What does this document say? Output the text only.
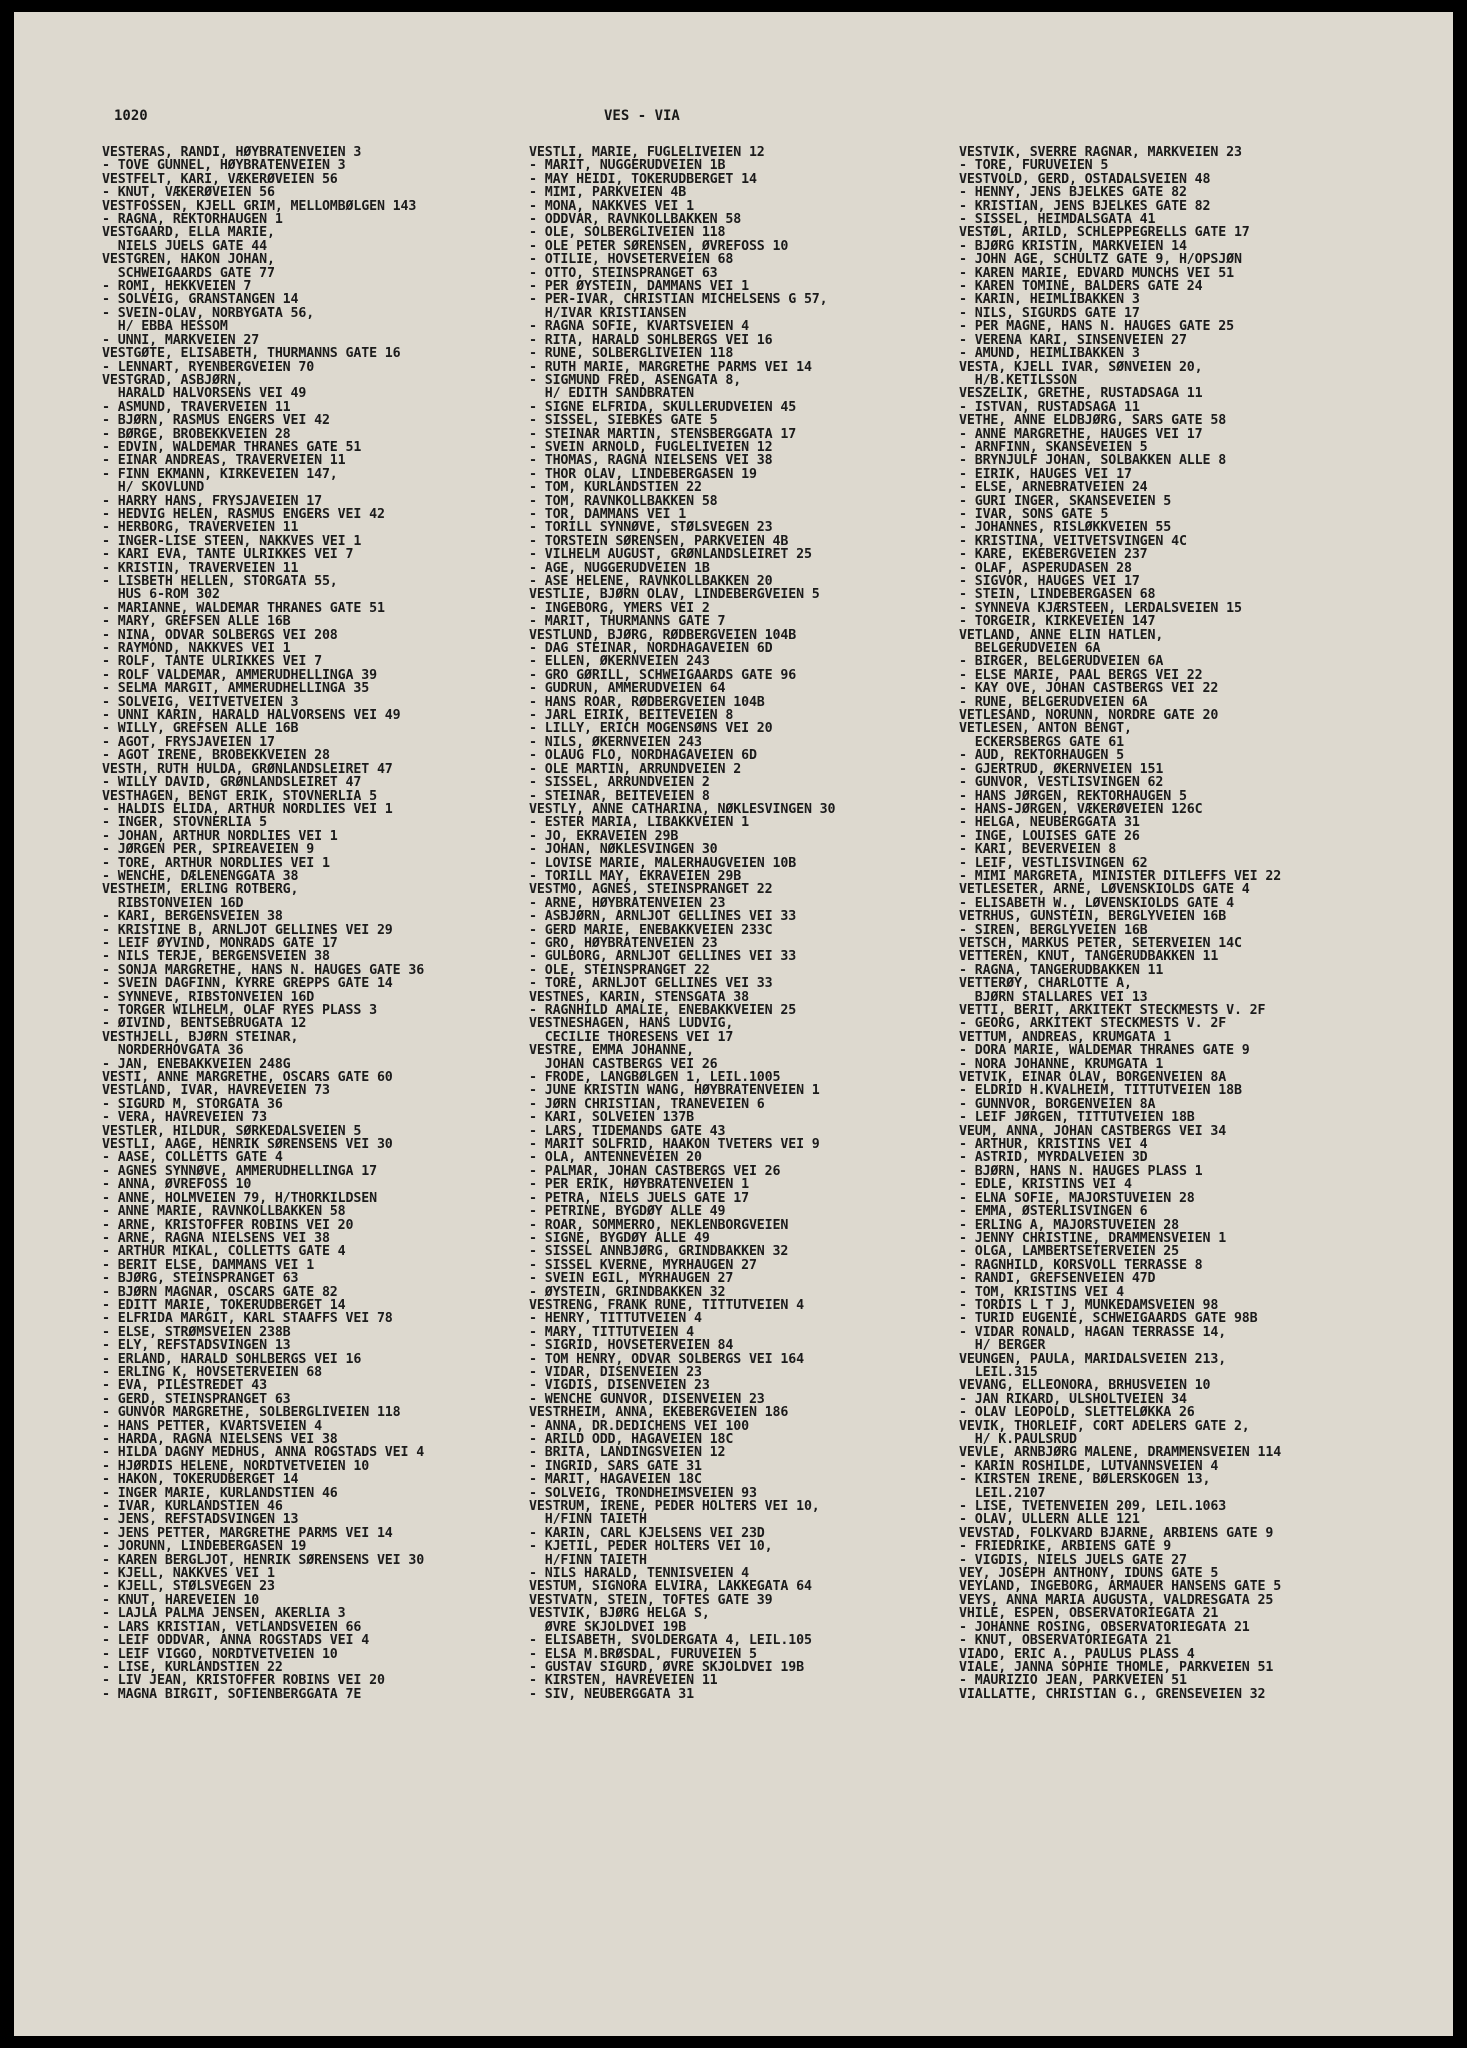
1020	VES - VIA
VESTERÅS, RANDI, HØYBRÅTENVEIEN 3
- TOVE GUNNEL, HØYBRÅTENVEIEN 3
VESTFELT, KARI, VÆKERØVEIEN 56
- KNUT, VÆKERØVEIEN 56
VESTFOSSEN, KJELL GRIM, MELLOMBØLGEN 143
- RAGNA, REKTORHAUGEN 1
VESTGAARD, ELLA MARIE,
NIELS JUELS GATE 44
VESTGREN, HÅKON JOHAN,
SCHWEIGAARDS GATE 77
- ROMI, HEKKVEIEN 7
- SOLVEIG, GRANSTANGEN 14
- SVEIN-OLAV, NORBYGATA 56,
H/ EBBA HESSOM
- UNNI, MARKVEIEN 27
VESTGØTE, ELISABETH, THURMANNS GATE 16
- LENNART, RYENBERGVEIEN 70
VESTGRÅD, ASBJØRN,
HARALD HALVORSENS VEI 49
- ASMUND, TRAVERVEIEN 11
- BJØRN, RASMUS ENGERS VEI 42
- BØRGE, BROBEKKVEIEN 28
- EDVIN, WALDEMAR THRANES GATE 51
- EINAR ANDREAS, TRAVERVEIEN 11
- FINN EKMANN, KIRKEVEIEN 147,
H/ SKOVLUND
- HARRY HANS, FRYSJAVEIEN 17
- HEDVIG HELEN, RASMUS ENGERS VEI 42
- HERBORG, TRAVERVEIEN 11
- INGER-LISE STEEN, NÅKKVES VEI 1
- KARI EVA, TANTE ULRIKKES VEI 7
- KRISTIN, TRAVERVEIEN 11
- LISBETH HELLEN, STORGATA 55,
HUS 6-ROM 302
- MARIANNE, WALDEMAR THRANES GATE 51
- MARY, GREFSEN ALLE 16B
- NINA, ODVAR SOLBERGS VEI 208
- RAYMOND, NÅKKVES VEI 1
- ROLF, TANTE ULRIKKES VEI 7
- ROLF VALDEMAR, AMMERUDHELLINGA 39
- SELMA MARGIT, AMMERUDHELLINGA 35
- SOLVEIG, VEITVETVEIEN 3
- UNNI KARIN, HARALD HALVORSENS VEI 49
- WILLY, GREFSEN ALLE 16B
- ÅGOT, FRYSJAVEIEN 17
- ÅGOT IRENE, BROBEKKVEIEN 28
VESTH, RUTH HULDA, GRØNLANDSLEIRET 47
- WILLY DAVID, GRØNLANDSLEIRET 47
VESTHAGEN, BENGT ERIK, STOVNERLIA 5
- HALDIS ELIDA, ARTHUR NORDLIES VEI 1
- INGER, STOVNERLIA 5
- JOHAN, ARTHUR NORDLIES VEI 1
- JØRGEN PER, SPIREAVEIEN 9
- TORE, ARTHUR NORDLIES VEI 1
- WENCHE, DÆLENENGGATA 38
VESTHEIM, ERLING ROTBERG,
RIBSTONVEIEN 16D
- KARI, BERGENSVEIEN 38
- KRISTINE B, ARNLJOT GELLINES VEI 29
- LEIF ØYVIND, MONRADS GATE 17
- NILS TERJE, BERGENSVEIEN 38
- SONJA MARGRETHE, HANS N. HAUGES GATE 36
- SVEIN DAGFINN, KYRRE GREPPS GATE 14
- SYNNEVE, RIBSTONVEIEN 16D
- TORGER WILHELM, OLAF RYES PLASS 3
- ØIVIND, BENTSEBRUGATA 12
VESTHJELL, BJØRN STEINAR,
NORDERHOVGATA 36
- JAN, ENEBAKKVEIEN 248G
VESTI, ANNE MARGRETHE, OSCARS GATE 60
VESTLAND, IVAR, HAVREVEIEN 73
- SIGURD M, STORGATA 36
- VERA, HAVREVEIEN 73
VESTLER, HILDUR, SØRKEDALSVEIEN 5
VESTLI, AAGE, HENRIK SØRENSENS VEI 30
- AASE, COLLETTS GATE 4
- AGNES SYNNØVE, AMMERUDHELLINGA 17
- ANNA, ØVREFOSS 10
- ANNE, HOLMVEIEN 79, H/THORKILDSEN
- ANNE MARIE, RAVNKOLLBAKKEN 58
- ARNE, KRISTOFFER ROBINS VEI 20
- ARNE, RAGNA NIELSENS VEI 38
- ARTHUR MIKAL, COLLETTS GATE 4
- BERIT ELSE, DAMMANS VEI 1
- BJØRG, STEINSPRANGET 63
- BJØRN MAGNAR, OSCARS GATE 82
- EDITT MARIE, TOKERUDBERGET 14
- ELFRIDA MARGIT, KARL STAAFFS VEI 78
- ELSE, STRØMSVEIEN 238B
- ELY, REFSTADSVINGEN 13
- ERLAND, HARALD SOHLBERGS VEI 16
- ERLING K, HOVSETERVEIEN 68
- EVA, PILESTREDET 43
- GERD, STEINSPRANGET 63
- GUNVOR MARGRETHE, SOLBERGLIVEIEN 118
- HANS PETTER, KVARTSVEIEN 4
- HARDA, RAGNA NIELSENS VEI 38
- HILDA DAGNY MEDHUS, ANNA ROGSTADS VEI 4
- HJØRDIS HELENE, NORDTVETVEIEN 10
- HÅKON, TOKERUDBERGET 14
- INGER MARIE, KURLANDSTIEN 46
- IVAR, KURLANDSTIEN 46
- JENS, REFSTADSVINGEN 13
- JENS PETTER, MARGRETHE PARMS VEI 14
- JORUNN, LINDEBERGÅSEN 19
- KAREN BERGLJOT, HENRIK SØRENSENS VEI 30
- KJELL, NÅKKVES VEI 1
- KJELL, STØLSVEGEN 23
- KNUT, HAREVEIEN 10
- LAJLA PALMA JENSEN, AKERLIA 3
- LARS KRISTIAN, VETLANDSVEIEN 66
- LEIF ODDVAR, ANNA ROGSTADS VEI 4
- LEIF VIGGO, NORDTVETVEIEN 10
- LISE, KURLANDSTIEN 22
- LIV JEAN, KRISTOFFER ROBINS VEI 20
- MAGNA BIRGIT, SOFIENBERGGATA 7E
VESTLI, MARIE, FUGLELIVEIEN 12
- MARIT, NUGGERUDVEIEN 1B
- MAY HEIDI, TOKERUDBERGET 14
- MIMI, PARKVEIEN 4B
- MONA, NÅKKVES VEI 1
- ODDVAR, RAVNKOLLBAKKEN 58
- OLE, SOLBERGLIVEIEN 118
- OLE PETER SØRENSEN, ØVREFOSS 10
- OTILIE, HOVSETERVEIEN 68
- OTTO, STEINSPRANGET 63
- PER ØYSTEIN, DAMMANS VEI 1
- PER-IVAR, CHRISTIAN MICHELSENS G 57,
H/IVAR KRISTIANSEN
- RAGNA SOFIE, KVARTSVEIEN 4
- RITA, HARALD SOHLBERGS VEI 16
- RUNE, SOLBERGLIVEIEN 118
- RUTH MARIE, MARGRETHE PARMS VEI 14
- SIGMUND FRED, ÅSENGATA 8,
H/ EDITH SANDBRÅTEN
- SIGNE ELFRIDA, SKULLERUDVEIEN 45
- SISSEL, SIEBKES GATE 5
- STEINAR MARTIN, STENSBERGGATA 17
- SVEIN ARNOLD, FUGLELIVEIEN 12
- THOMAS, RAGNA NIELSENS VEI 38
- THOR OLAV, LINDEBERGÅSEN 19
- TOM, KURLANDSTIEN 22
- TOM, RAVNKOLLBAKKEN 58
- TOR, DAMMANS VEI 1
- TORILL SYNNØVE, STØLSVEGEN 23
- TORSTEIN SØRENSEN, PARKVEIEN 4B
- VILHELM AUGUST, GRØNLANDSLEIRET 25
- ÅGE, NUGGERUDVEIEN 1B
- ÅSE HELENE, RAVNKOLLBAKKEN 20
VESTLIE, BJØRN OLAV, LINDEBERGVEIEN 5
- INGEBORG, YMERS VEI 2
- MARIT, THURMANNS GATE 7
VESTLUND, BJØRG, RØDBERGVEIEN 104B
- DAG STEINAR, NORDHAGAVEIEN 6D
- ELLEN, ØKERNVEIEN 243
- GRO GØRILL, SCHWEIGAARDS GATE 96
- GUDRUN, AMMERUDVEIEN 64
- HANS ROAR, RØDBERGVEIEN 104B
- JARL EIRIK, BEITEVEIEN 8
- LILLY, ERICH MOGENSØNS VEI 20
- NILS, ØKERNVEIEN 243
- OLAUG FLO, NORDHAGAVEIEN 6D
- OLE MARTIN, ÅRRUNDVEIEN 2
- SISSEL, ÅRRUNDVEIEN 2
- STEINAR, BEITEVEIEN 8
VESTLY, ANNE CATHARINA, NØKLESVINGEN 30
- ESTER MARIA, LIBAKKVEIEN 1
- JO, EKRAVEIEN 29B
- JOHAN, NØKLESVINGEN 30
- LOVISE MARIE, MALERHAUGVEIEN 10B
- TORILL MAY, EKRAVEIEN 29B
VESTMO, AGNES, STEINSPRANGET 22
- ARNE, HØYBRÅTENVEIEN 23
- ASBJØRN, ARNLJOT GELLINES VEI 33
- GERD MARIE, ENEBAKKVEIEN 233C
- GRO, HØYBRÅTENVEIEN 23
- GULBORG, ARNLJOT GELLINES VEI 33
- OLE, STEINSPRANGET 22
- TORE, ARNLJOT GELLINES VEI 33
VESTNES, KARIN, STENSGATA 38
- RAGNHILD AMALIE, ENEBAKKVEIEN 25
VESTNESHAGEN, HANS LUDVIG,
CECILIE THORESENS VEI 17
VESTRE, EMMA JOHANNE,
JOHAN CASTBERGS VEI 26
- FRODE, LANGBØLGEN 1, LEIL.1005
- JUNE KRISTIN WANG, HØYBRÅTENVEIEN 1
- JØRN CHRISTIAN, TRANEVEIEN 6
- KARI, SOLVEIEN 137B
- LARS, TIDEMANDS GATE 43
- MARIT SOLFRID, HAAKON TVETERS VEI 9
- OLA, ANTENNEVEIEN 20
- PALMAR, JOHAN CASTBERGS VEI 26
- PER ERIK, HØYBRÅTENVEIEN 1
- PETRA, NIELS JUELS GATE 17
- PETRINE, BYGDØY ALLE 49
- ROAR, SOMMERRO, NEKLENBORGVEIEN
- SIGNE, BYGDØY ALLE 49
- SISSEL ANNBJØRG, GRINDBAKKEN 32
- SISSEL KVERNE, MYRHAUGEN 27
- SVEIN EGIL, MYRHAUGEN 27
- ØYSTEIN, GRINDBAKKEN 32
VESTRENG, FRANK RUNE, TITTUTVEIEN 4
- HENRY, TITTUTVEIEN 4
- MARY, TITTUTVEIEN 4
- SIGRID, HOVSETERVEIEN 84
- TOM HENRY, ODVAR SOLBERGS VEI 164
- VIDAR, DISENVEIEN 23
- VIGDIS, DISENVEIEN 23
- WENCHE GUNVOR, DISENVEIEN 23
VESTRHEIM, ANNA, EKEBERGVEIEN 186
- ANNA, DR.DEDICHENS VEI 100
- ARILD ODD, HAGAVEIEN 18C
- BRITA, LANDINGSVEIEN 12
- INGRID, SARS GATE 31
- MARIT, HAGAVEIEN 18C
- SOLVEIG, TRONDHEIMSVEIEN 93
VESTRUM, IRENE, PEDER HOLTERS VEI 10,
H/FINN TAIETH
- KARIN, CARL KJELSENS VEI 23D
- KJETIL, PEDER HOLTERS VEI 10,
H/FINN TAIETH
- NILS HARALD, TENNISVEIEN 4
VESTUM, SIGNORA ELVIRA, LAKKEGATA 64
VESTVATN, STEIN, TOFTES GATE 39
VESTVIK, BJØRG HELGA S,
ØVRE SKJOLDVEI 19B
- ELISABETH, SVOLDERGATA 4, LEIL.105
- ELSA M.BRØSDAL, FURUVEIEN 5
- GUSTAV SIGURD, ØVRE SKJOLDVEI 19B
- KIRSTEN, HAVREVEIEN 11
- SIV, NEUBERGGATA 31
VESTVIK, SVERRE RAGNAR, MARKVEIEN 23
- TORE, FURUVEIEN 5
VESTVOLD, GERD, OSTADALSVEIEN 48
- HENNY, JENS BJELKES GATE 82
- KRISTIAN, JENS BJELKES GATE 82
- SISSEL, HEIMDALSGATA 41
VESTØL, ARILD, SCHLEPPEGRELLS GATE 17
- BJØRG KRISTIN, MARKVEIEN 14
- JOHN ÅGE, SCHULTZ GATE 9, H/OPSJØN
- KAREN MARIE, EDVARD MUNCHS VEI 51
- KAREN TOMINE, BALDERS GATE 24
- KARIN, HEIMLIBAKKEN 3
- NILS, SIGURDS GATE 17
- PER MAGNE, HANS N. HAUGES GATE 25
- VERENA KARI, SINSENVEIEN 27
- ÅMUND, HEIMLIBAKKEN 3
VESTÅ, KJELL IVAR, SØNVEIEN 20,
H/B.KETILSSON
VESZELIK, GRETHE, RUSTADSAGA 11
- ISTVAN, RUSTADSAGA 11
VETHE, ANNE ELDBJØRG, SARS GATE 58
- ANNE MARGRETHE, HAUGES VEI 17
- ARNFINN, SKANSEVEIEN 5
- BRYNJULF JOHAN, SOLBAKKEN ALLE 8
- EIRIK, HAUGES VEI 17
- ELSE, ARNEBRÅTVEIEN 24
- GURI INGER, SKANSEVEIEN 5
- IVAR, SONS GATE 5
- JOHANNES, RISLØKKVEIEN 55
- KRISTINA, VEITVETSVINGEN 4C
- KÅRE, EKEBERGVEIEN 237
- OLAF, ASPERUDÅSEN 28
- SIGVOR, HAUGES VEI 17
- STEIN, LINDEBERGÅSEN 68
- SYNNEVA KJÆRSTEEN, LERDALSVEIEN 15
- TORGEIR, KIRKEVEIEN 147
VETLAND, ANNE ELIN HATLEN,
BELGERUDVEIEN 6A
- BIRGER, BELGERUDVEIEN 6A
- ELSE MARIE, PAAL BERGS VEI 22
- KAY OVE, JOHAN CASTBERGS VEI 22
- RUNE, BELGERUDVEIEN 6A
VETLESAND, NORUNN, NORDRE GATE 20
VETLESEN, ANTON BENGT,
ECKERSBERGS GATE 61
- AUD, REKTORHAUGEN 5
- GJERTRUD, ØKERNVEIEN 151
- GUNVOR, VESTLISVINGEN 62
- HANS JØRGEN, REKTORHAUGEN 5
- HANS-JØRGEN, VÆKERØVEIEN 126C
- HELGA, NEUBERGGATA 31
- INGE, LOUISES GATE 26
- KARI, BEVERVEIEN 8
- LEIF, VESTLISVINGEN 62
- MIMI MARGRETA, MINISTER DITLEFFS VEI 22
VETLESETER, ARNE, LØVENSKIOLDS GATE 4
- ELISABETH W., LØVENSKIOLDS GATE 4
VETRHUS, GUNSTEIN, BERGLYVEIEN 16B
- SIREN, BERGLYVEIEN 16B
VETSCH, MARKUS PETER, SETERVEIEN 14C
VETTEREN, KNUT, TANGERUDBAKKEN 11
- RAGNA, TANGERUDBAKKEN 11
VETTERØY, CHARLOTTE A,
BJØRN STALLARES VEI 13
VETTI, BERIT, ARKITEKT STECKMESTS V. 2F
- GEORG, ARKITEKT STECKMESTS V. 2F
VETTUM, ANDREAS, KRUMGATA 1
- DORA MARIE, WALDEMAR THRANES GATE 9
- NORA JOHANNE, KRUMGATA 1
VETVIK, EINAR OLAV, BORGENVEIEN 8A
- ELDRID H.KVALHEIM, TITTUTVEIEN 18B
- GUNNVOR, BORGENVEIEN 8A
- LEIF JØRGEN, TITTUTVEIEN 18B
VEUM, ANNA, JOHAN CASTBERGS VEI 34
- ARTHUR, KRISTINS VEI 4
- ASTRID, MYRDALVEIEN 3D
- BJØRN, HANS N. HAUGES PLASS 1
- EDLE, KRISTINS VEI 4
- ELNA SOFIE, MAJORSTUVEIEN 28
- EMMA, ØSTERLISVINGEN 6
- ERLING A, MAJORSTUVEIEN 28
- JENNY CHRISTINE, DRAMMENSVEIEN 1
- OLGA, LAMBERTSETERVEIEN 25
- RAGNHILD, KORSVOLL TERRASSE 8
- RANDI, GREFSENVEIEN 47D
- TOM, KRISTINS VEI 4
- TORDIS L T J, MUNKEDAMSVEIEN 98
- TURID EUGENIE, SCHWEIGAARDS GATE 98B
- VIDAR RONALD, HAGAN TERRASSE 14,
H/ BERGER
VEUNGEN, PAULA, MARIDALSVEIEN 213,
LEIL.315
VEVANG, ELLEONORA, BRHUSVEIEN 10
- JAN RIKARD, ULSHOLTVEIEN 34
- OLAV LEOPOLD, SLETTELØKKA 26
VEVIK, THORLEIF, CORT ADELERS GATE 2,
H/ K.PAULSRUD
VEVLE, ARNBJØRG MALENE, DRAMMENSVEIEN 114
- KARIN ROSHILDE, LUTVANNSVEIEN 4
- KIRSTEN IRENE, BØLERSKOGEN 13,
LEIL.2107
- LISE, TVETENVEIEN 209, LEIL.1063
- OLAV, ULLERN ALLE 121
VEVSTAD, FOLKVARD BJARNE, ARBIENS GATE 9
- FRIEDRIKE, ARBIENS GATE 9
- VIGDIS, NIELS JUELS GATE 27
VEY, JOSEPH ANTHONY, IDUNS GATE 5
VEYLAND, INGEBORG, ARMAUER HANSENS GATE 5
VEYS, ANNA MARIA AUGUSTA, VALDRESGATA 25
VHILE, ESPEN, OBSERVATORIEGATA 21
- JOHANNE ROSING, OBSERVATORIEGATA 21
- KNUT, OBSERVATORIEGATA 21
VIADO, ERIC A., PAULUS PLASS 4
VIALE, JANNA SOPHIE THOMLE, PARKVEIEN 51
- MAURIZIO JEAN, PARKVEIEN 51
VIALLATTE, CHRISTIAN G., GRENSEVEIEN 32
